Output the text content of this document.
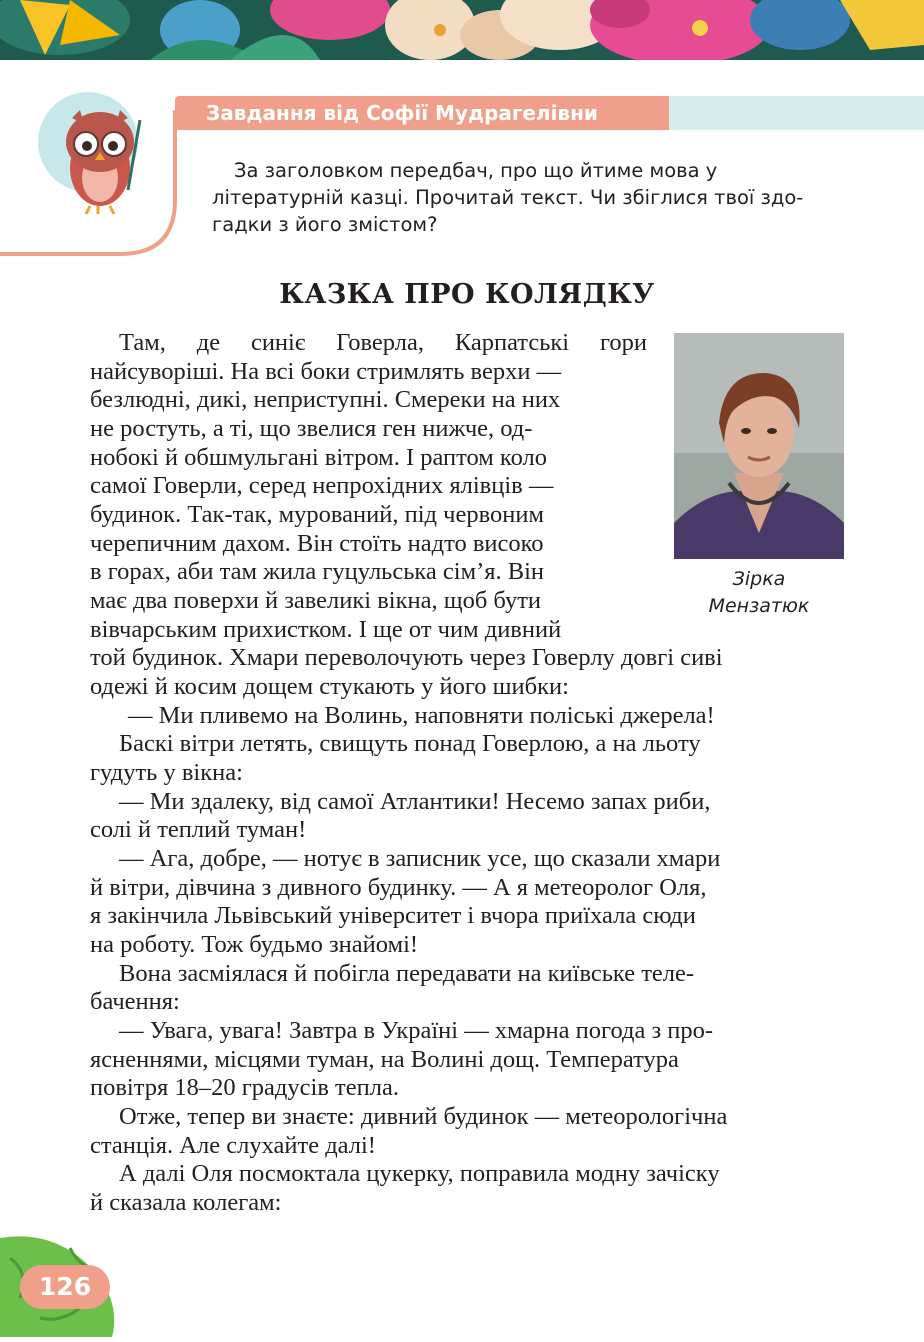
Завдання від Софії Мудрагелівни
За заголовком передбач, про що йтиме мова у
літературній казці. Прочитай текст. Чи збіглися твої здо-
гадки з його змістом?
КАЗКА ПРО КОЛЯДКУ
Зірка
Мензатюк
Там, де синіє Говерла, Карпатські гори
найсуворіші. На всі боки стримлять верхи —
безлюдні, дикі, неприступні. Смереки на них
не ростуть, а ті, що звелися ген нижче, од-
нобокі й обшмульгані вітром. І раптом коло
самої Говерли, серед непрохідних ялівців —
будинок. Так-так, мурований, під червоним
черепичним дахом. Він стоїть надто високо
в горах, аби там жила гуцульська сім’я. Він
має два поверхи й завеликі вікна, щоб бути
вівчарським прихистком. І ще от чим дивний
той будинок. Хмари переволочують через Говерлу довгі сиві
одежі й косим дощем стукають у його шибки:
— Ми пливемо на Волинь, наповняти поліські джерела!
Баскі вітри летять, свищуть понад Говерлою, а на льоту
гудуть у вікна:
— Ми здалеку, від самої Атлантики! Несемо запах риби,
солі й теплий туман!
— Ага, добре, — нотує в записник усе, що сказали хмари
й вітри, дівчина з дивного будинку. — А я метеоролог Оля,
я закінчила Львівський університет і вчора приїхала сюди
на роботу. Тож будьмо знайомі!
Вона засміялася й побігла передавати на київське теле-
бачення:
— Увага, увага! Завтра в Україні — хмарна погода з про-
ясненнями, місцями туман, на Волині дощ. Температура
повітря 18–20 градусів тепла.
Отже, тепер ви знаєте: дивний будинок — метеорологічна
станція. Але слухайте далі!
А далі Оля посмоктала цукерку, поправила модну зачіску
й сказала колегам:
126
